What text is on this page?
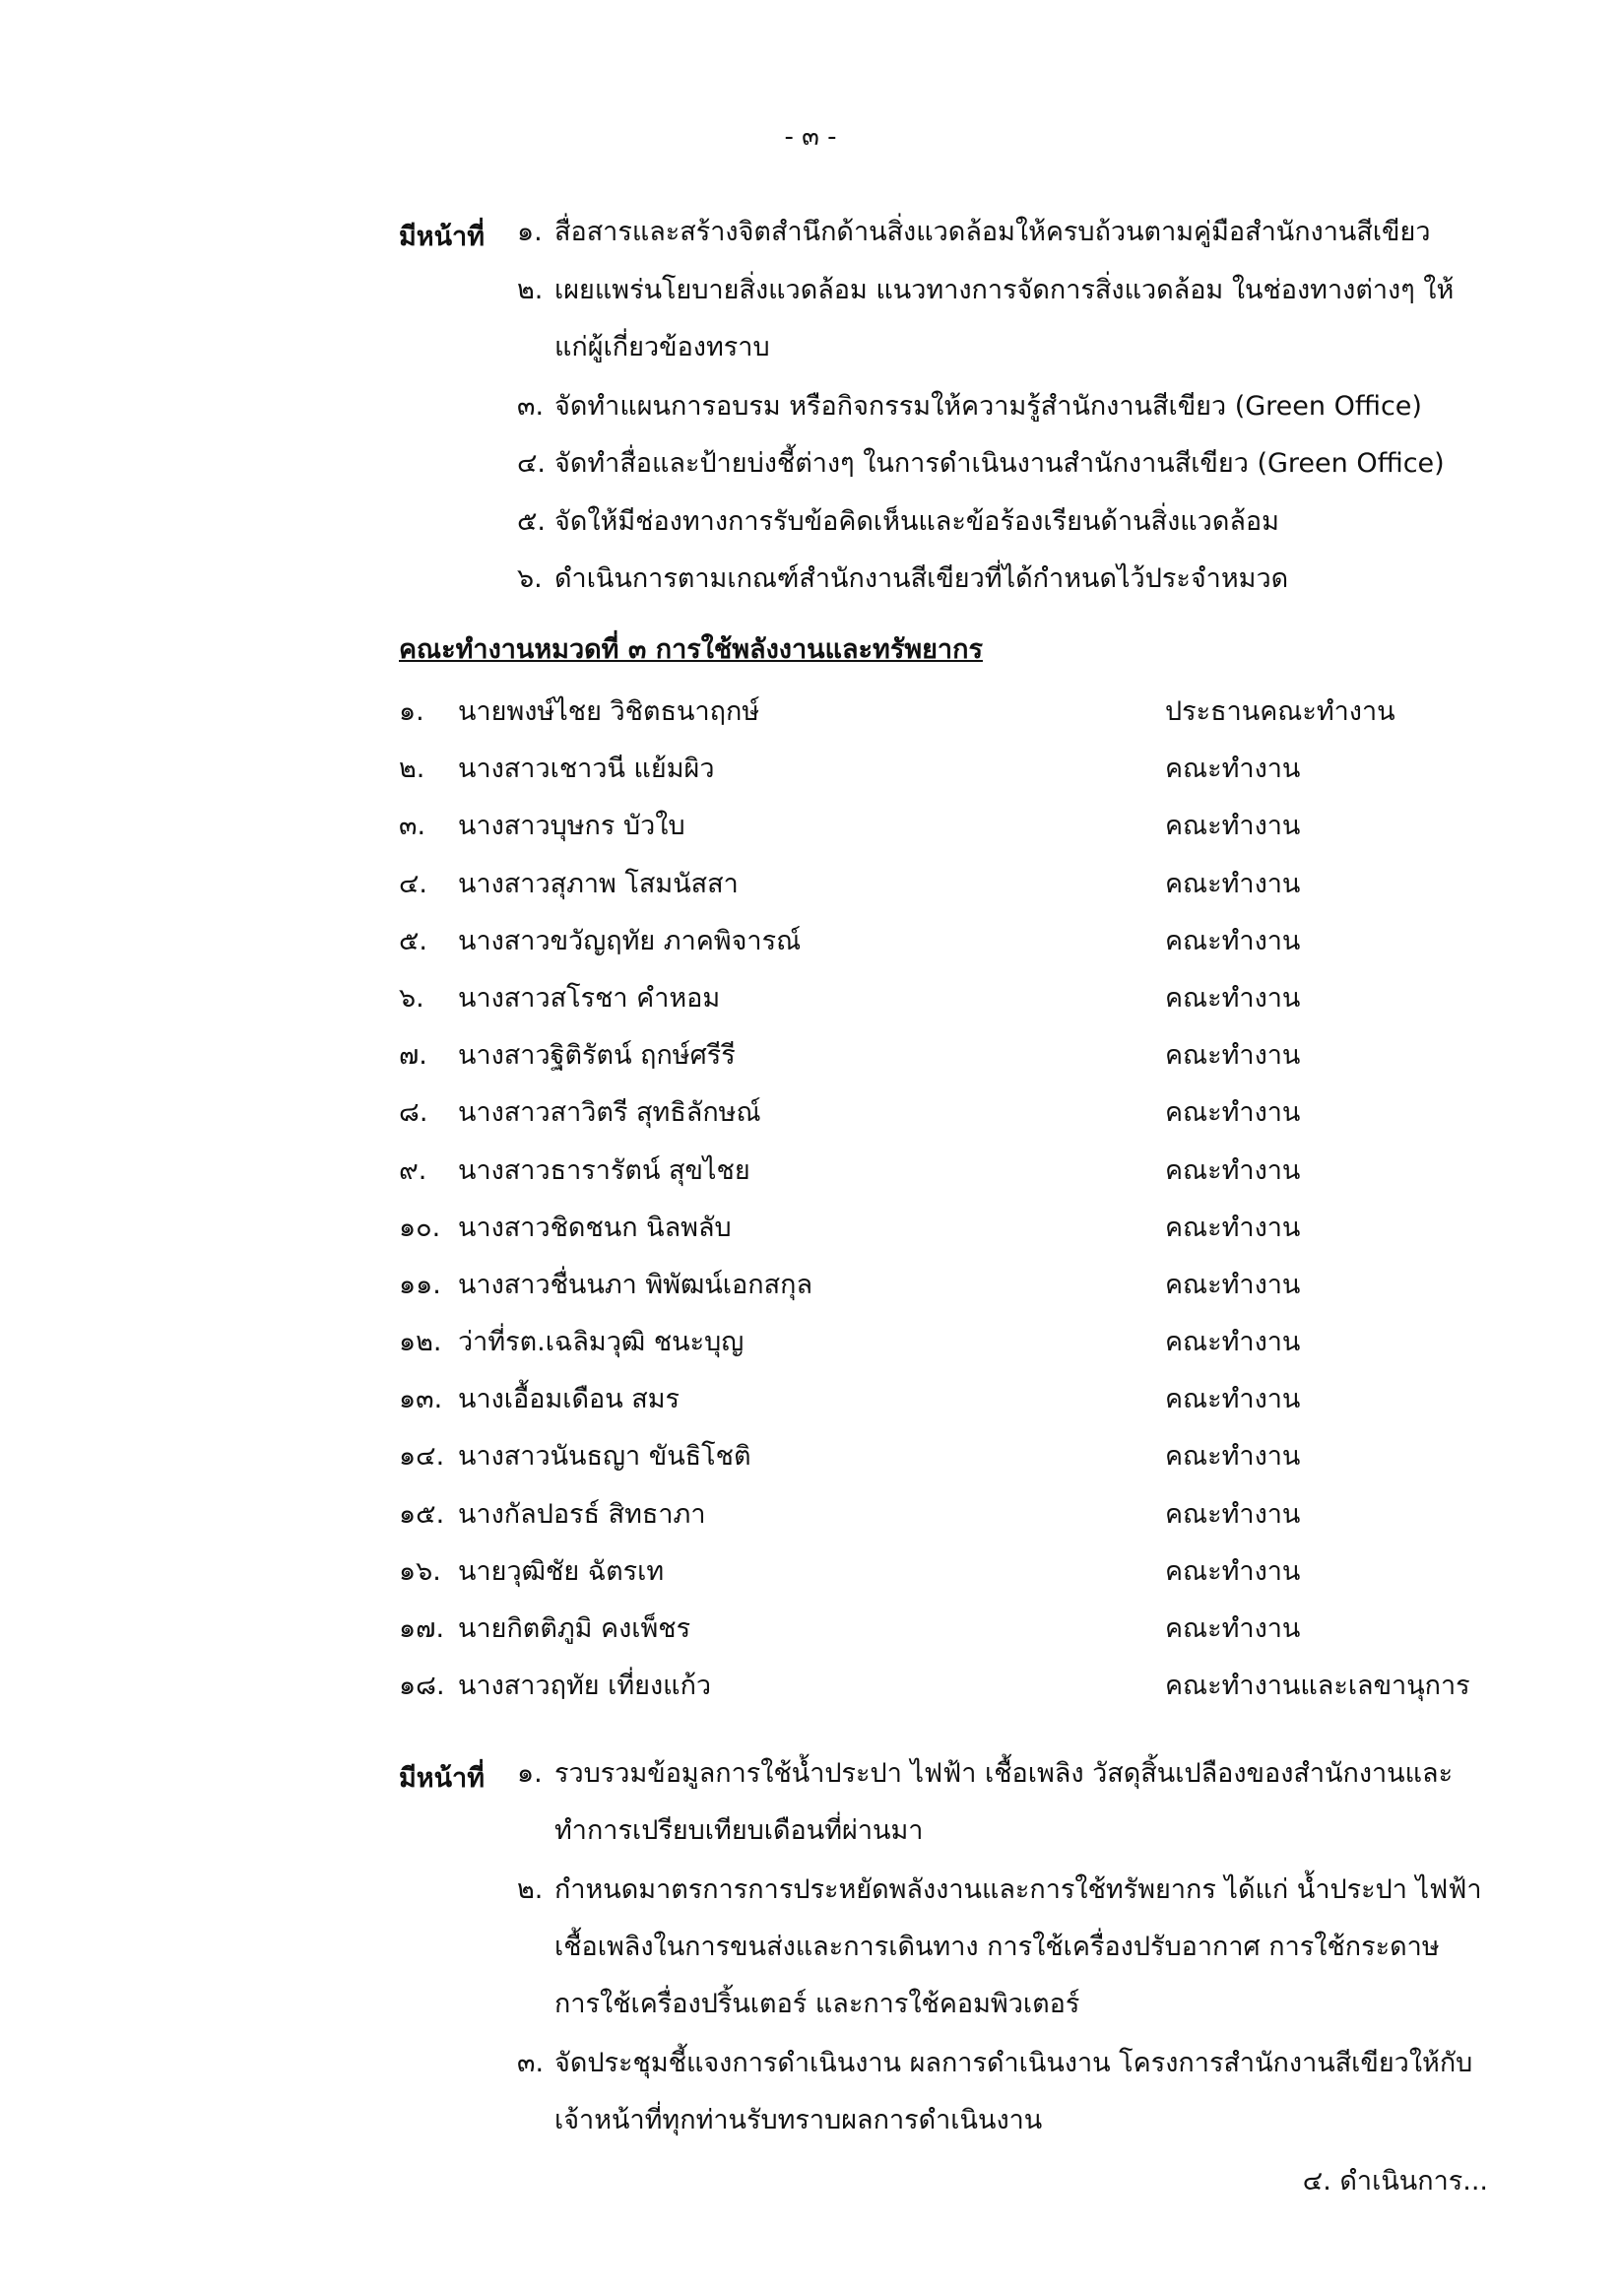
- ๓ -
มีหน้าที่	๑. สื่อสารและสร้างจิตสำนึกด้านสิ่งแวดล้อมให้ครบถ้วนตามคู่มือสำนักงานสีเขียว
๒. เผยแพร่นโยบายสิ่งแวดล้อม แนวทางการจัดการสิ่งแวดล้อม ในช่องทางต่างๆ ให้แก่ผู้เกี่ยวข้องทราบ
๓. จัดทำแผนการอบรม หรือกิจกรรมให้ความรู้สำนักงานสีเขียว (Green Office)
๔. จัดทำสื่อและป้ายบ่งชี้ต่างๆ ในการดำเนินงานสำนักงานสีเขียว (Green Office)
๕. จัดให้มีช่องทางการรับข้อคิดเห็นและข้อร้องเรียนด้านสิ่งแวดล้อม
๖. ดำเนินการตามเกณฑ์สำนักงานสีเขียวที่ได้กำหนดไว้ประจำหมวด
คณะทำงานหมวดที่ ๓ การใช้พลังงานและทรัพยากร
๑. นายพงษ์ไชย วิชิตธนาฤกษ์	ประธานคณะทำงาน
๒. นางสาวเชาวนี แย้มผิว	คณะทำงาน
๓. นางสาวบุษกร บัวใบ	คณะทำงาน
๔. นางสาวสุภาพ โสมนัสสา	คณะทำงาน
๕. นางสาวขวัญฤทัย ภาคพิจารณ์	คณะทำงาน
๖. นางสาวสโรชา คำหอม	คณะทำงาน
๗. นางสาวฐิติรัตน์ ฤกษ์ศรีรี	คณะทำงาน
๘. นางสาวสาวิตรี สุทธิลักษณ์	คณะทำงาน
๙. นางสาวธารารัตน์ สุขไชย	คณะทำงาน
๑๐. นางสาวชิดชนก นิลพลับ	คณะทำงาน
๑๑. นางสาวชื่นนภา พิพัฒน์เอกสกุล	คณะทำงาน
๑๒. ว่าที่รต.เฉลิมวุฒิ ชนะบุญ	คณะทำงาน
๑๓. นางเอื้อมเดือน สมร	คณะทำงาน
๑๔. นางสาวนันธญา ขันธิโชติ	คณะทำงาน
๑๕. นางกัลปอรธ์ สิทธาภา	คณะทำงาน
๑๖. นายวุฒิชัย ฉัตรเท	คณะทำงาน
๑๗. นายกิตติภูมิ คงเพ็ชร	คณะทำงาน
๑๘. นางสาวฤทัย เที่ยงแก้ว	คณะทำงานและเลขานุการ
มีหน้าที่	๑. รวบรวมข้อมูลการใช้น้ำประปา ไฟฟ้า เชื้อเพลิง วัสดุสิ้นเปลืองของสำนักงานและทำการเปรียบเทียบเดือนที่ผ่านมา
๒. กำหนดมาตรการการประหยัดพลังงานและการใช้ทรัพยากร ได้แก่ น้ำประปา ไฟฟ้า เชื้อเพลิงในการขนส่งและการเดินทาง การใช้เครื่องปรับอากาศ การใช้กระดาษ การใช้เครื่องปริ้นเตอร์ และการใช้คอมพิวเตอร์
๓. จัดประชุมชี้แจงการดำเนินงาน ผลการดำเนินงาน โครงการสำนักงานสีเขียวให้กับเจ้าหน้าที่ทุกท่านรับทราบผลการดำเนินงาน
๔. ดำเนินการ...
